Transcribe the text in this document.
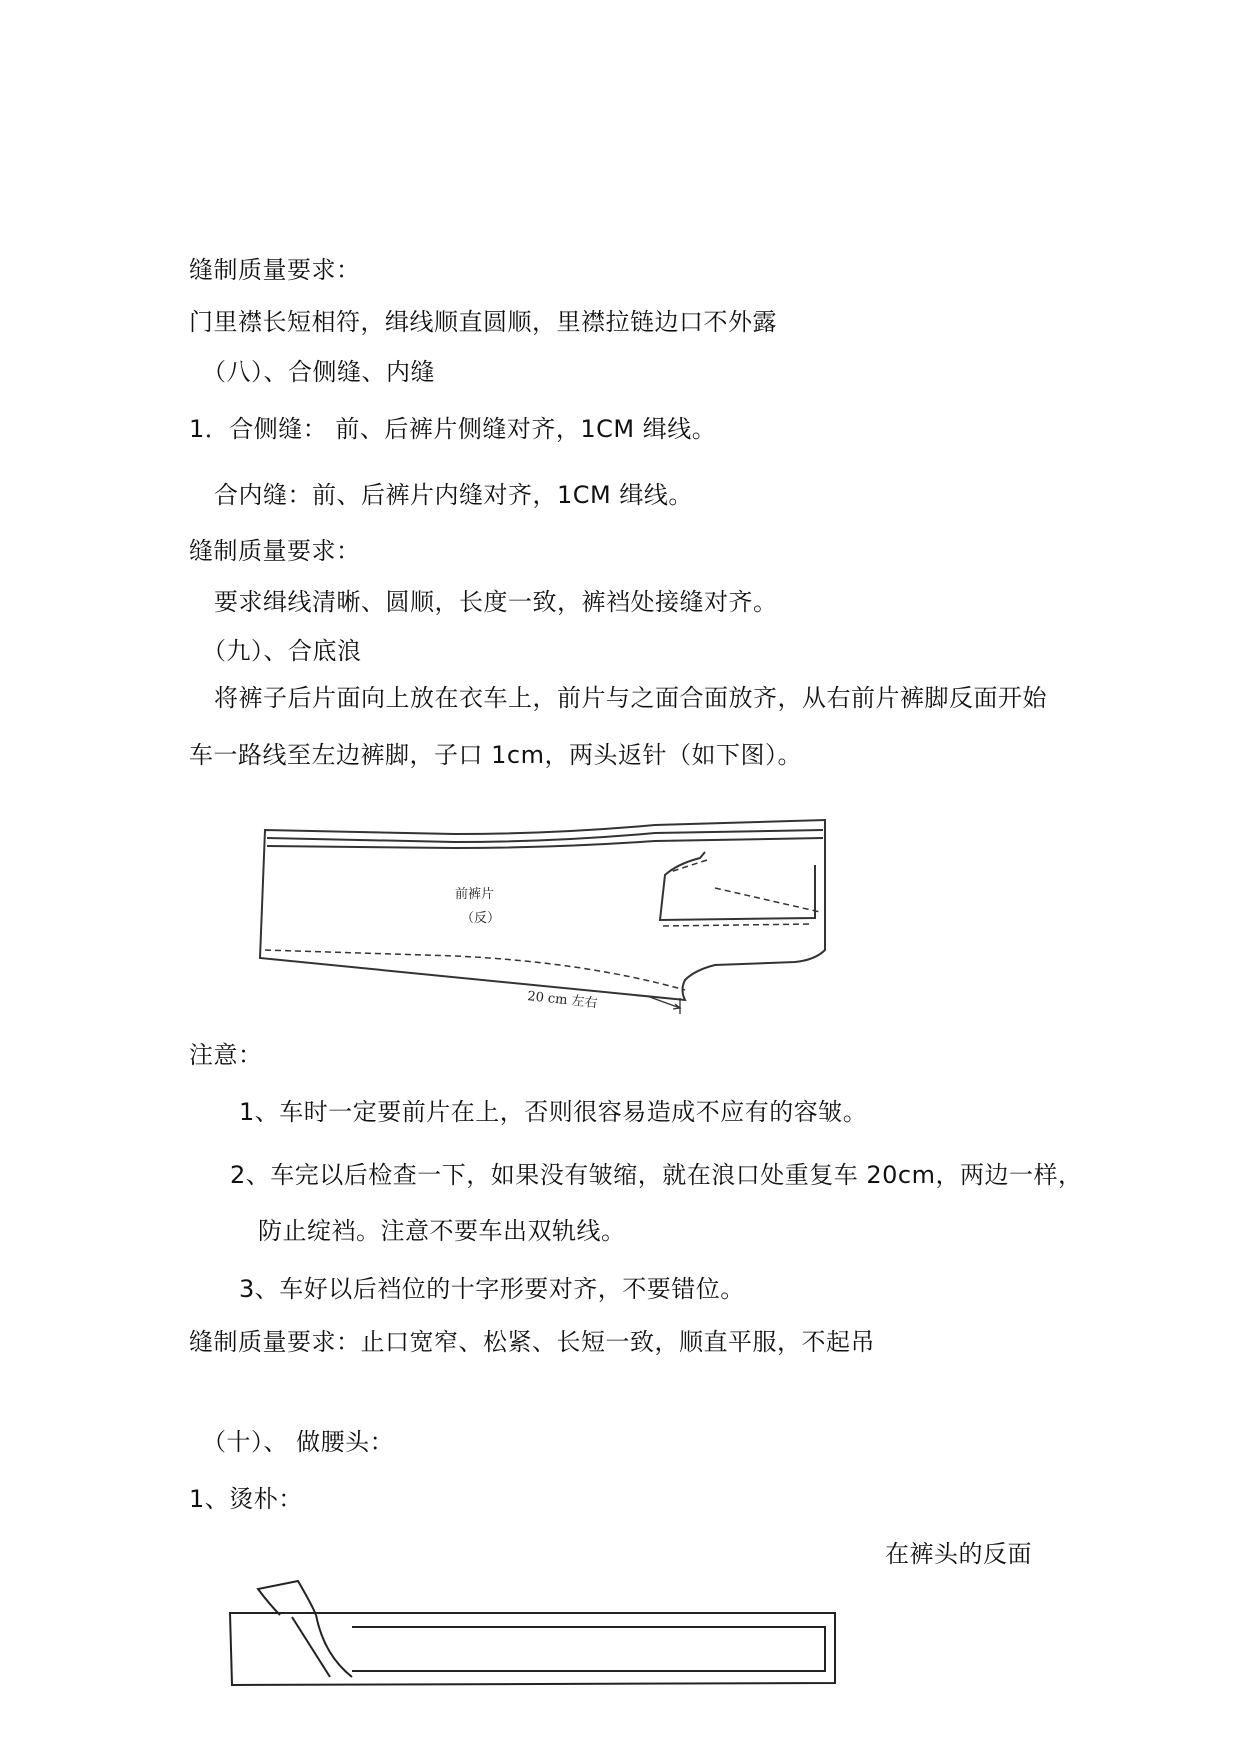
缝制质量要求：
门里襟长短相符，缉线顺直圆顺，里襟拉链边口不外露
（八）、合侧缝、内缝
1．合侧缝： 前、后裤片侧缝对齐，1CM 缉线。
合内缝：前、后裤片内缝对齐，1CM 缉线。
缝制质量要求：
要求缉线清晰、圆顺，长度一致，裤裆处接缝对齐。
（九）、合底浪
将裤子后片面向上放在衣车上，前片与之面合面放齐，从右前片裤脚反面开始
车一路线至左边裤脚，子口 1cm，两头返针（如下图）。
前裤片
（反）
20 cm 左右
注意：
1、车时一定要前片在上，否则很容易造成不应有的容皱。
2、车完以后检查一下，如果没有皱缩，就在浪口处重复车 20cm，两边一样，
防止绽裆。注意不要车出双轨线。
3、车好以后裆位的十字形要对齐，不要错位。
缝制质量要求：止口宽窄、松紧、长短一致，顺直平服，不起吊
（十）、 做腰头：
1、烫朴：
在裤头的反面
